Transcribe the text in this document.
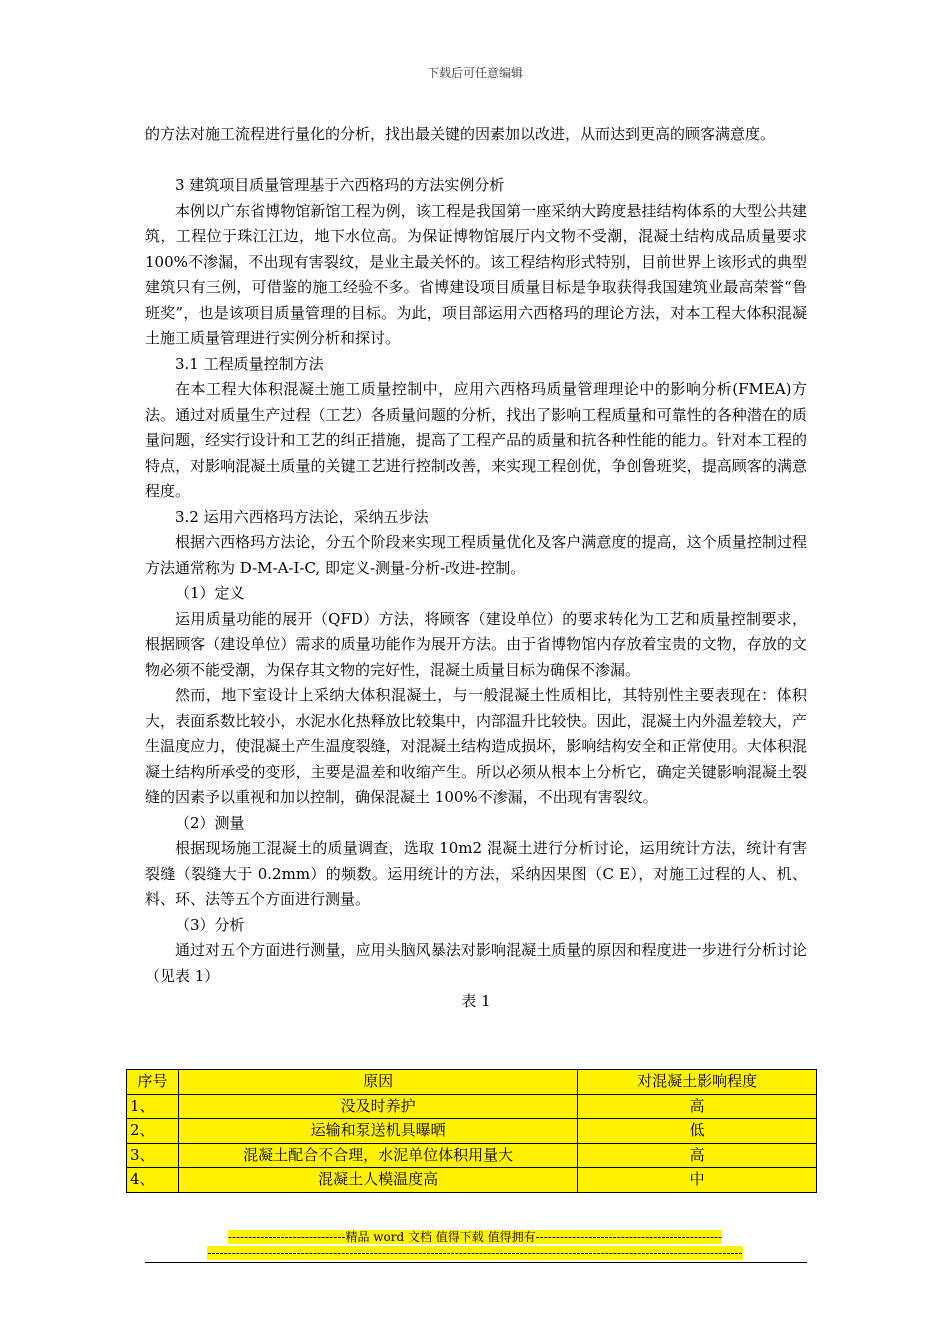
下载后可任意编辑

的方法对施工流程进行量化的分析，找出最关键的因素加以改进，从而达到更高的顾客满意度。

3 建筑项目质量管理基于六西格玛的方法实例分析

本例以广东省博物馆新馆工程为例，该工程是我国第一座采纳大跨度悬挂结构体系的大型公共建筑，工程位于珠江江边，地下水位高。为保证博物馆展厅内文物不受潮，混凝土结构成品质量要求 100%不渗漏，不出现有害裂纹，是业主最关怀的。该工程结构形式特别，目前世界上该形式的典型建筑只有三例，可借鉴的施工经验不多。省博建设项目质量目标是争取获得我国建筑业最高荣誉“鲁班奖”，也是该项目质量管理的目标。为此，项目部运用六西格玛的理论方法，对本工程大体积混凝土施工质量管理进行实例分析和探讨。

3.1 工程质量控制方法

在本工程大体积混凝土施工质量控制中，应用六西格玛质量管理理论中的影响分析(FMEA)方法。通过对质量生产过程（工艺）各质量问题的分析，找出了影响工程质量和可靠性的各种潜在的质量问题，经实行设计和工艺的纠正措施，提高了工程产品的质量和抗各种性能的能力。针对本工程的特点，对影响混凝土质量的关键工艺进行控制改善，来实现工程创优，争创鲁班奖，提高顾客的满意程度。

3.2 运用六西格玛方法论，采纳五步法

根据六西格玛方法论，分五个阶段来实现工程质量优化及客户满意度的提高，这个质量控制过程方法通常称为 D-M-A-I-C, 即定义-测量-分析-改进-控制。

（1）定义

运用质量功能的展开（QFD）方法，将顾客（建设单位）的要求转化为工艺和质量控制要求，根据顾客（建设单位）需求的质量功能作为展开方法。由于省博物馆内存放着宝贵的文物，存放的文物必须不能受潮，为保存其文物的完好性，混凝土质量目标为确保不渗漏。

然而，地下室设计上采纳大体积混凝土，与一般混凝土性质相比，其特别性主要表现在：体积大，表面系数比较小，水泥水化热释放比较集中，内部温升比较快。因此，混凝土内外温差较大，产生温度应力，使混凝土产生温度裂缝，对混凝土结构造成损坏，影响结构安全和正常使用。大体积混凝土结构所承受的变形，主要是温差和收缩产生。所以必须从根本上分析它，确定关键影响混凝土裂缝的因素予以重视和加以控制，确保混凝土 100%不渗漏，不出现有害裂纹。

（2）测量

根据现场施工混凝土的质量调查，选取 10m2 混凝土进行分析讨论，运用统计方法，统计有害裂缝（裂缝大于 0.2mm）的频数。运用统计的方法，采纳因果图（C E），对施工过程的人、机、料、环、法等五个方面进行测量。

（3）分析

通过对五个方面进行测量，应用头脑风暴法对影响混凝土质量的原因和程度进一步进行分析讨论（见表 1）

表 1

序号	原因	对混凝土影响程度
1、	没及时养护	高
2、	运输和泵送机具曝晒	低
3、	混凝土配合不合理，水泥单位体积用量大	高
4、	混凝土人模温度高	中
-----------------------------精品 word 文档 值得下载 值得拥有----------------------------------------------
------------------------------------------------------------------------------------------------------------------------------------
